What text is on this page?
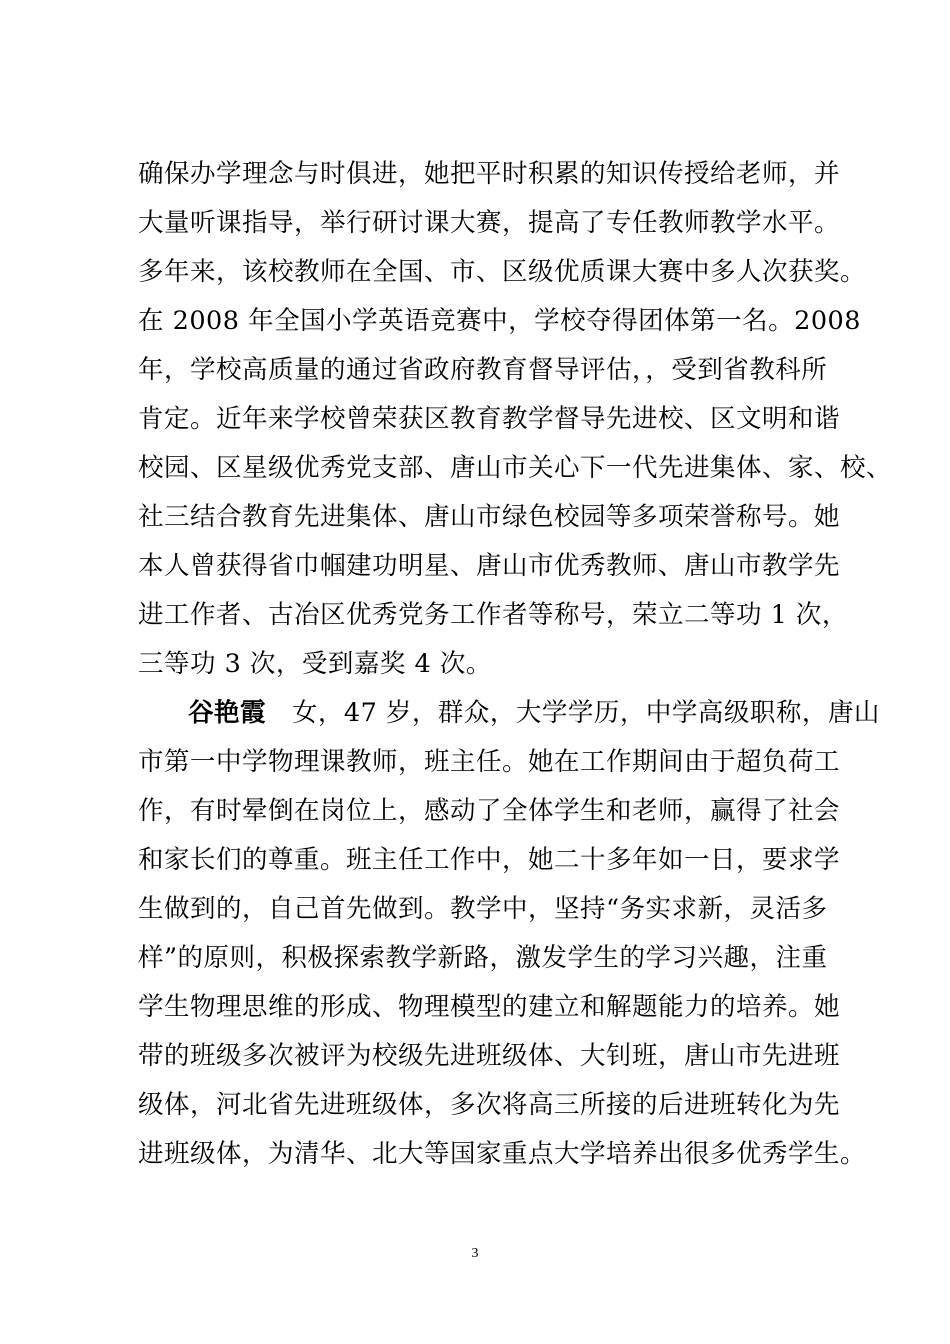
确保办学理念与时俱进，她把平时积累的知识传授给老师，并
大量听课指导，举行研讨课大赛，提高了专任教师教学水平。
多年来，该校教师在全国、市、区级优质课大赛中多人次获奖。
在 2008 年全国小学英语竞赛中，学校夺得团体第一名。2008
年，学校高质量的通过省政府教育督导评估，，受到省教科所
肯定。近年来学校曾荣获区教育教学督导先进校、区文明和谐
校园、区星级优秀党支部、唐山市关心下一代先进集体、家、校、
社三结合教育先进集体、唐山市绿色校园等多项荣誉称号。她
本人曾获得省巾帼建功明星、唐山市优秀教师、唐山市教学先
进工作者、古冶区优秀党务工作者等称号，荣立二等功 1 次，
三等功 3 次，受到嘉奖 4 次。
谷艳霞 女，47 岁，群众，大学学历，中学高级职称，唐山
市第一中学物理课教师，班主任。她在工作期间由于超负荷工
作，有时晕倒在岗位上，感动了全体学生和老师，赢得了社会
和家长们的尊重。班主任工作中，她二十多年如一日，要求学
生做到的，自己首先做到。教学中，坚持“务实求新，灵活多
样”的原则，积极探索教学新路，激发学生的学习兴趣，注重
学生物理思维的形成、物理模型的建立和解题能力的培养。她
带的班级多次被评为校级先进班级体、大钊班，唐山市先进班
级体，河北省先进班级体，多次将高三所接的后进班转化为先
进班级体，为清华、北大等国家重点大学培养出很多优秀学生。
3
